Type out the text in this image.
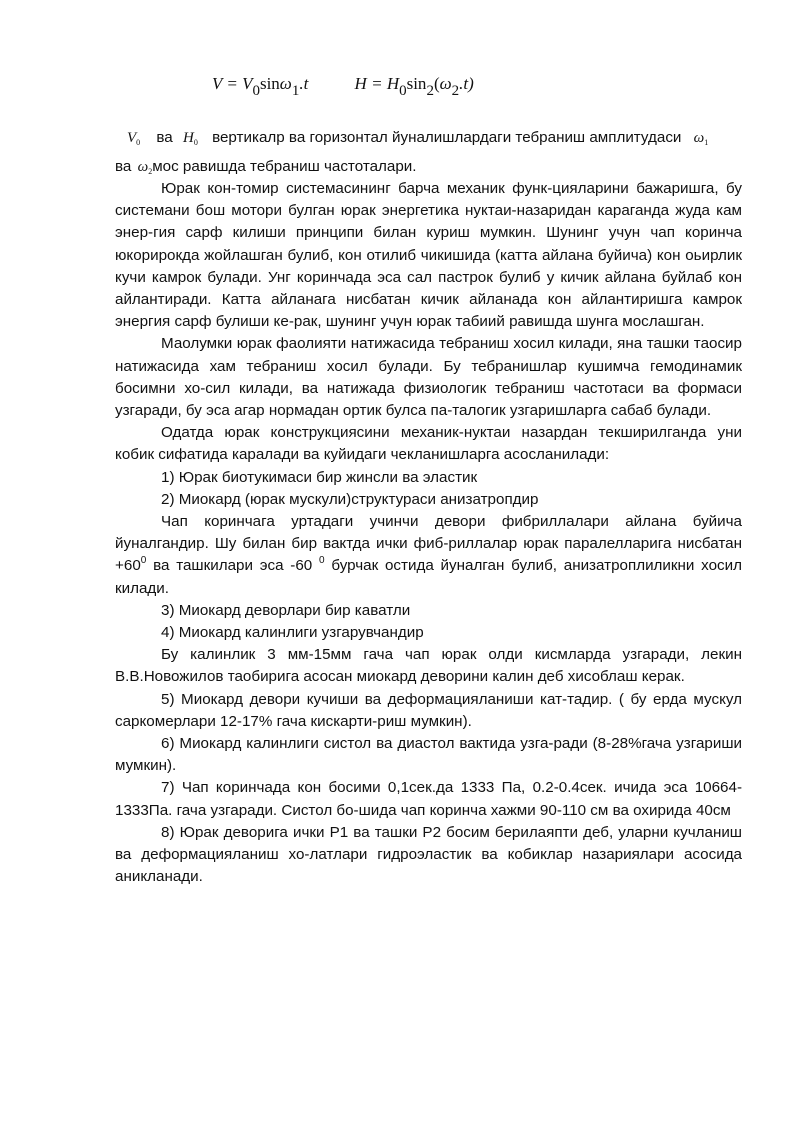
$V = V_0\sin\omega_1.t$	$H = H_0\sin_2(\omega_2.t)$
$V_0$ ва $H_0$ вертикалр ва горизонтал йуналишлардаги тебраниш амплитудаси $\omega_1$
ва $\omega_2мос$ равишда тебраниш частоталари.

Юрак кон-томир системасининг барча механик функ-цияларини бажаришга, бу системани бош мотори булган юрак энергетика нуктаи-назаридан караганда жуда кам энер-гия сарф килиши принципи билан куриш мумкин. Шунинг учун чап коринча юкорирокда жойлашган булиб, кон отилиб чикишида (катта айлана буйича) кон оьирлик кучи камрок булади. Унг коринчада эса сал пастрок булиб у кичик айлана буйлаб кон айлантиради. Катта айланага нисбатан кичик айланада кон айлантиришга камрок энергия сарф булиши ке-рак, шунинг учун юрак табиий равишда шунга мослашган.

Маолумки юрак фаолияти натижасида тебраниш хосил килади, яна ташки таосир натижасида хам тебраниш хосил булади. Бу тебранишлар кушимча гемодинамик босимни хо-сил килади, ва натижада физиологик тебраниш частотаси ва формаси узгаради, бу эса агар нормадан ортик булса па-талогик узгаришларга сабаб булади.

Одатда юрак конструкциясини механик-нуктаи назардан текширилганда уни кобик сифатида каралади ва куйидаги чекланишларга асосланилади:

1) Юрак биотукимаси бир жинсли ва эластик

2) Миокард (юрак мускули)структураси анизатропдир

Чап коринчага уртадаги учинчи девори фибриллалари айлана буйича йуналгандир. Шу билан бир вактда ички фиб-риллалар юрак паралелларига нисбатан $+60^0$ ва ташкилари эса -60 $^0$ бурчак остида йуналган булиб, анизатроплиликни хосил килади.

3) Миокард деворлари бир каватли

4) Миокард калинлиги узгарувчандир

Бу калинлик 3 мм-15мм гача чап юрак олди кисмларда узгаради, лекин В.В.Новожилов таобирига асосан миокард деворини калин деб хисоблаш керак.

5) Миокард девори кучиши ва деформацияланиши кат-тадир. ( бу ерда мускул саркомерлари 12-17% гача кискарти-риш мумкин).

6) Миокард калинлиги систол ва диастол вактида узга-ради (8-28%гача узгариши мумкин).

7) Чап коринчада кон босими 0,1сек.да 1333 Па, 0.2-0.4сек. ичида эса 10664-1333Па. гача узгаради. Систол бо-шида чап коринча хажми 90-110 см ва охирида 40см

8) Юрак деворига ички Р1 ва ташки Р2 босим берилаяпти деб, уларни кучланиш ва деформацияланиш хо-латлари гидроэластик ва кобиклар назариялари асосида аникланади.
